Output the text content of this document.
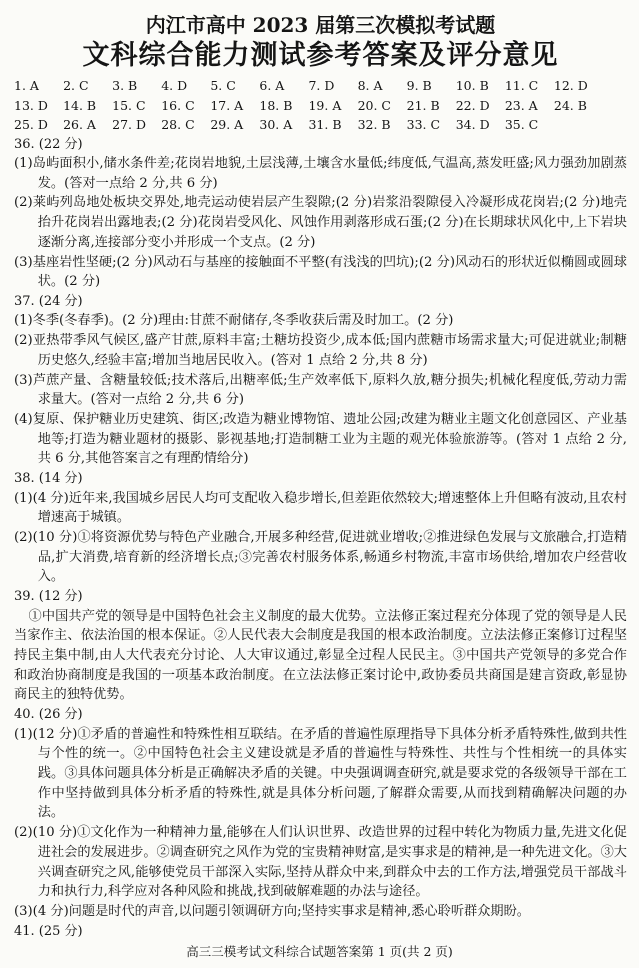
内江市高中 2023 届第三次模拟考试题
文科综合能力测试参考答案及评分意见
1. A	2. C	3. B	4. D	5. C	6. A	7. D	8. A	9. B	10. B	11. C	12. D
13. D	14. B	15. C	16. C	17. A	18. B	19. A	20. C	21. B	22. D	23. A	24. B
25. D	26. A	27. D	28. C	29. A	30. A	31. B	32. B	33. C	34. D	35. C
36. (22 分)

(1)岛屿面积小,储水条件差;花岗岩地貌,土层浅薄,土壤含水量低;纬度低,气温高,蒸发旺盛;风力强劲加剧蒸发。(答对一点给 2 分,共 6 分)

(2)莱屿列岛地处板块交界处,地壳运动使岩层产生裂隙;(2 分)岩浆沿裂隙侵入冷凝形成花岗岩;(2 分)地壳抬升花岗岩出露地表;(2 分)花岗岩受风化、风蚀作用剥落形成石蛋;(2 分)在长期球状风化中,上下岩块逐渐分离,连接部分变小并形成一个支点。(2 分)

(3)基座岩性坚硬;(2 分)风动石与基座的接触面不平整(有浅浅的凹坑);(2 分)风动石的形状近似椭圆或圆球状。(2 分)

37. (24 分)

(1)冬季(冬春季)。(2 分)理由:甘蔗不耐储存,冬季收获后需及时加工。(2 分)

(2)亚热带季风气候区,盛产甘蔗,原料丰富;土糖坊投资少,成本低;国内蔗糖市场需求量大;可促进就业;制糖历史悠久,经验丰富;增加当地居民收入。(答对 1 点给 2 分,共 8 分)

(3)芦蔗产量、含糖量较低;技术落后,出糖率低;生产效率低下,原料久放,糖分损失;机械化程度低,劳动力需求量大。(答对一点给 2 分,共 6 分)

(4)复原、保护糖业历史建筑、街区;改造为糖业博物馆、遗址公园;改建为糖业主题文化创意园区、产业基地等;打造为糖业题材的摄影、影视基地;打造制糖工业为主题的观光体验旅游等。(答对 1 点给 2 分,共 6 分,其他答案言之有理酌情给分)

38. (14 分)

(1)(4 分)近年来,我国城乡居民人均可支配收入稳步增长,但差距依然较大;增速整体上升但略有波动,且农村增速高于城镇。

(2)(10 分)①将资源优势与特色产业融合,开展多种经营,促进就业增收;②推进绿色发展与文旅融合,打造精品,扩大消费,培育新的经济增长点;③完善农村服务体系,畅通乡村物流,丰富市场供给,增加农户经营收入。

39. (12 分)

①中国共产党的领导是中国特色社会主义制度的最大优势。立法修正案过程充分体现了党的领导是人民当家作主、依法治国的根本保证。②人民代表大会制度是我国的根本政治制度。立法法修正案修订过程坚持民主集中制,由人大代表充分讨论、人大审议通过,彰显全过程人民民主。③中国共产党领导的多党合作和政治协商制度是我国的一项基本政治制度。在立法法修正案讨论中,政协委员共商国是建言资政,彰显协商民主的独特优势。

40. (26 分)

(1)(12 分)①矛盾的普遍性和特殊性相互联结。在矛盾的普遍性原理指导下具体分析矛盾特殊性,做到共性与个性的统一。②中国特色社会主义建设就是矛盾的普遍性与特殊性、共性与个性相统一的具体实践。③具体问题具体分析是正确解决矛盾的关键。中央强调调查研究,就是要求党的各级领导干部在工作中坚持做到具体分析矛盾的特殊性,就是具体分析问题,了解群众需要,从而找到精确解决问题的办法。

(2)(10 分)①文化作为一种精神力量,能够在人们认识世界、改造世界的过程中转化为物质力量,先进文化促进社会的发展进步。②调查研究之风作为党的宝贵精神财富,是实事求是的精神,是一种先进文化。③大兴调查研究之风,能够使党员干部深入实际,坚持从群众中来,到群众中去的工作方法,增强党员干部战斗力和执行力,科学应对各种风险和挑战,找到破解难题的办法与途径。

(3)(4 分)问题是时代的声音,以问题引领调研方向;坚持实事求是精神,悉心聆听群众期盼。

41. (25 分)
高三三模考试文科综合试题答案第 1 页(共 2 页)
